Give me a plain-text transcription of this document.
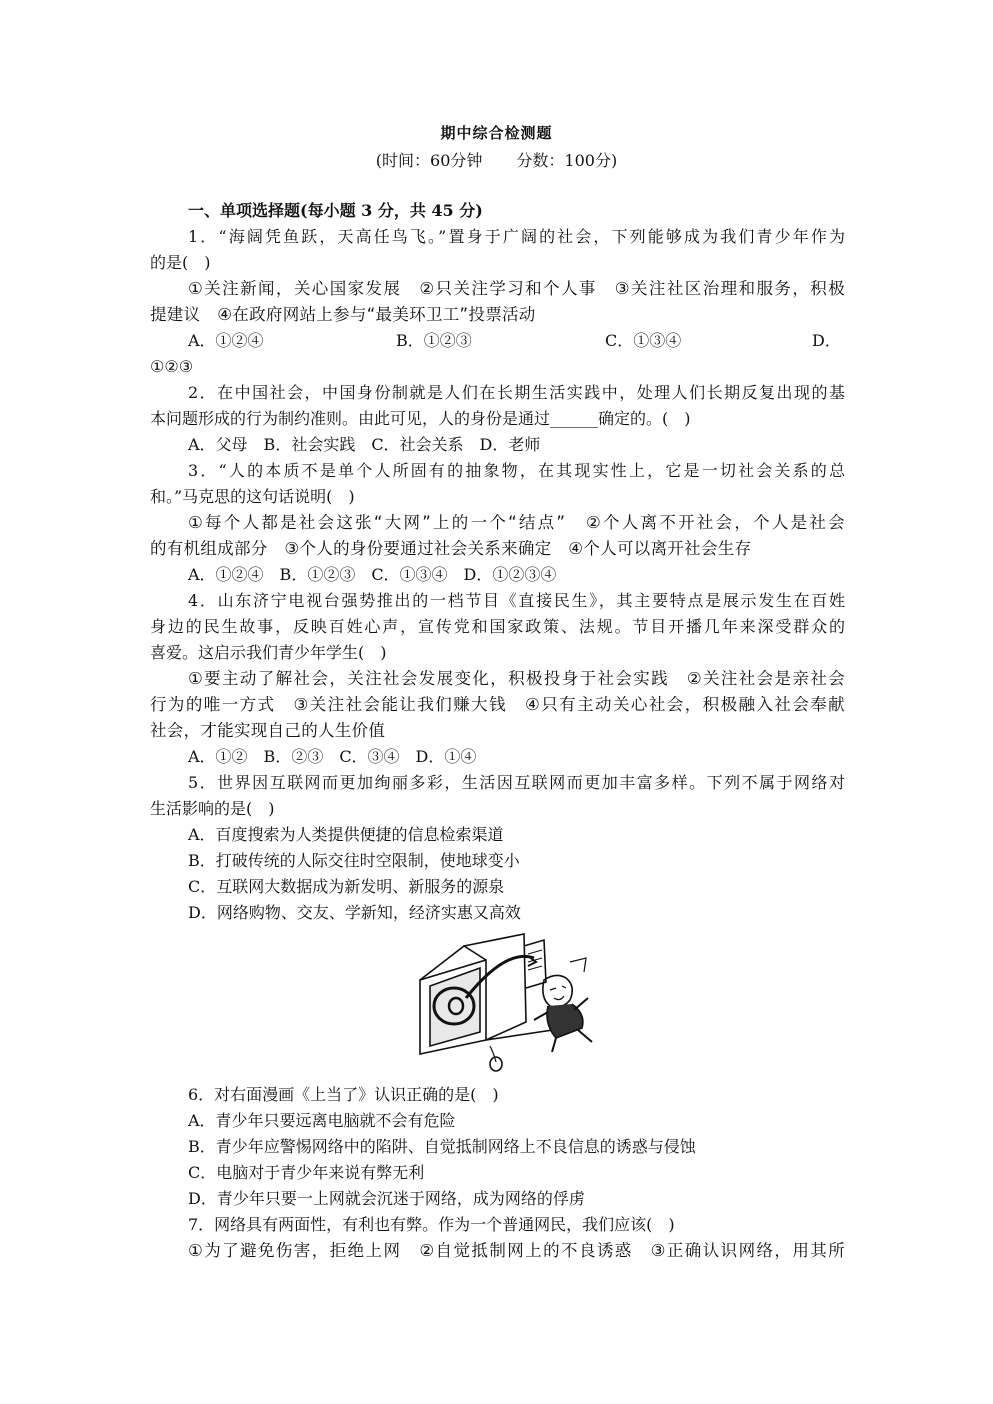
期中综合检测题
(时间：60分钟 分数：100分)
一、单项选择题(每小题 3 分，共 45 分)
1．“海阔凭鱼跃，天高任鸟飞。”置身于广阔的社会，下列能够成为我们青少年作为
的是(　)
①关注新闻，关心国家发展　②只关注学习和个人事　③关注社区治理和服务，积极
提建议　④在政府网站上参与“最美环卫工”投票活动
A．①②④	B．①②③	C．①③④	D．
①②③
2．在中国社会，中国身份制就是人们在长期生活实践中，处理人们长期反复出现的基
本问题形成的行为制约准则。由此可见，人的身份是通过______确定的。(　)
A．父母　B．社会实践　C．社会关系　D．老师
3．“人的本质不是单个人所固有的抽象物，在其现实性上，它是一切社会关系的总
和。”马克思的这句话说明(　)
①每个人都是社会这张“大网”上的一个“结点”　②个人离不开社会，个人是社会
的有机组成部分　③个人的身份要通过社会关系来确定　④个人可以离开社会生存
A．①②④　B．①②③　C．①③④　D．①②③④
4．山东济宁电视台强势推出的一档节目《直接民生》，其主要特点是展示发生在百姓
身边的民生故事，反映百姓心声，宣传党和国家政策、法规。节目开播几年来深受群众的
喜爱。这启示我们青少年学生(　)
①要主动了解社会，关注社会发展变化，积极投身于社会实践　②关注社会是亲社会
行为的唯一方式　③关注社会能让我们赚大钱　④只有主动关心社会，积极融入社会奉献
社会，才能实现自己的人生价值
A．①②　B．②③　C．③④　D．①④
5．世界因互联网而更加绚丽多彩，生活因互联网而更加丰富多样。下列不属于网络对
生活影响的是(　)
A．百度搜索为人类提供便捷的信息检索渠道
B．打破传统的人际交往时空限制，使地球变小
C．互联网大数据成为新发明、新服务的源泉
D．网络购物、交友、学新知，经济实惠又高效
6．对右面漫画《上当了》认识正确的是(　)
A．青少年只要远离电脑就不会有危险
B．青少年应警惕网络中的陷阱、自觉抵制网络上不良信息的诱惑与侵蚀
C．电脑对于青少年来说有弊无利
D．青少年只要一上网就会沉迷于网络，成为网络的俘虏
7．网络具有两面性，有利也有弊。作为一个普通网民，我们应该(　)
①为了避免伤害，拒绝上网　②自觉抵制网上的不良诱惑　③正确认识网络，用其所
